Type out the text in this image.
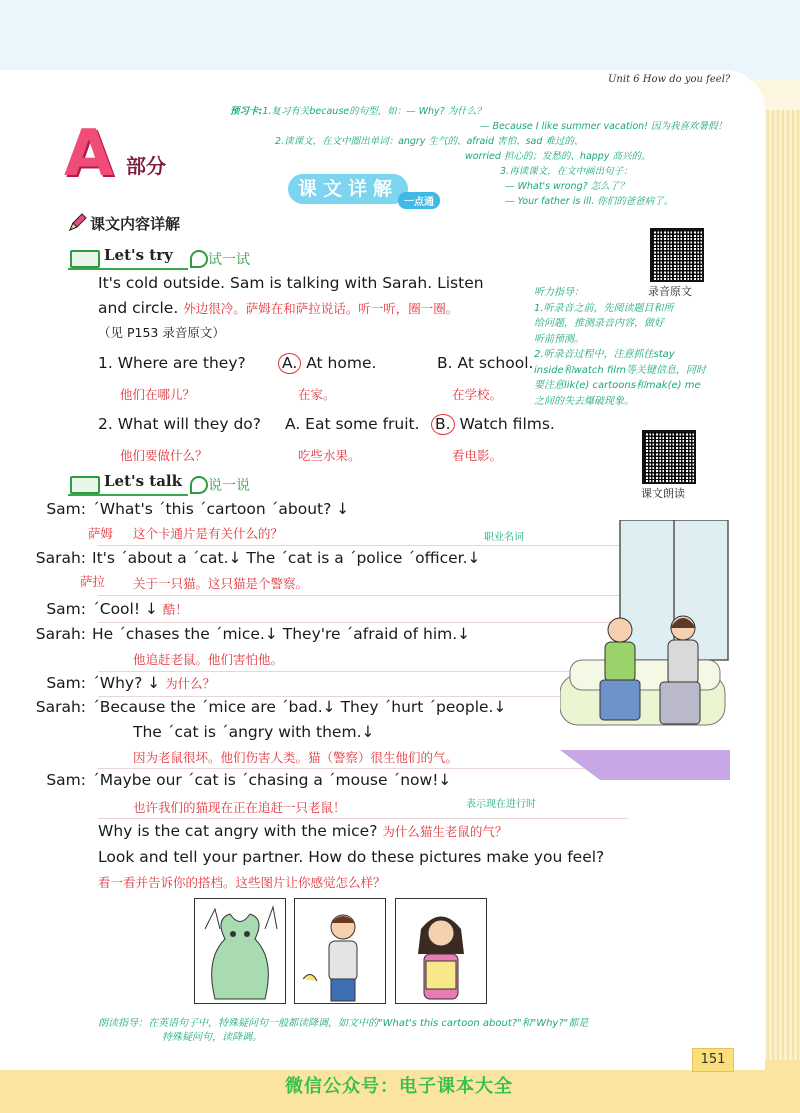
Unit 6 How do you feel?
A 部分
预习卡:1.复习有关because的句型，如：— Why? 为什么？
— Because I like summer vacation! 因为我喜欢暑假！
2.读课文，在文中圈出单词：angry 生气的、afraid 害怕、sad 难过的、
worried 担心的；发愁的、happy 高兴的。
3.再读课文，在文中画出句子：
— What's wrong? 怎么了？
— Your father is ill. 你们的爸爸病了。
课文详解
一点通
课文内容详解
录音原文
Let's try	试一试
It's cold outside. Sam is talking with Sarah. Listen
and circle. 外边很冷。萨姆在和萨拉说话。听一听，圈一圈。
（见 P153 录音原文）
1. Where are they? A. At home.	B. At school.
他们在哪儿？	在家。	在学校。
2. What will they do? A. Eat some fruit. B. Watch films.
他们要做什么？	吃些水果。	看电影。
听力指导：
1.听录音之前，先阅读题目和所
给问题，推测录音内容，做好
听前预测。
2.听录音过程中，注意抓住stay
inside和watch film等关键信息，同时
要注意lik(e) cartoons和mak(e) me
之间的失去爆破现象。
课文朗读
Let's talk 说一说
Sam: ˊWhat's ˊthis ˊcartoon ˊabout? ↓
萨姆 这个卡通片是有关什么的？
Sarah: It's ˊabout a ˊcat.↓ The ˊcat is a ˊpolice ˊofficer.↓
职业名词
萨拉 关于一只猫。这只猫是个警察。
Sam: ˊCool! ↓ 酷！
Sarah: He ˊchases the ˊmice.↓ They're ˊafraid of him.↓
他追赶老鼠。他们害怕他。
Sam: ˊWhy? ↓ 为什么？
Sarah: ˊBecause the ˊmice are ˊbad.↓ They ˊhurt ˊpeople.↓
The ˊcat is ˊangry with them.↓
因为老鼠很坏。他们伤害人类。猫（警察）很生他们的气。
Sam: ˊMaybe our ˊcat is ˊchasing a ˊmouse ˊnow!↓
表示现在进行时
也许我们的猫现在正在追赶一只老鼠！
Why is the cat angry with the mice? 为什么猫生老鼠的气？
Look and tell your partner. How do these pictures make you feel?
看一看并告诉你的搭档。这些图片让你感觉怎么样？
朗读指导：在英语句子中，特殊疑问句一般都读降调，如文中的"What's this cartoon about?"和"Why?"都是
特殊疑问句，读降调。
151
微信公众号：电子课本大全
